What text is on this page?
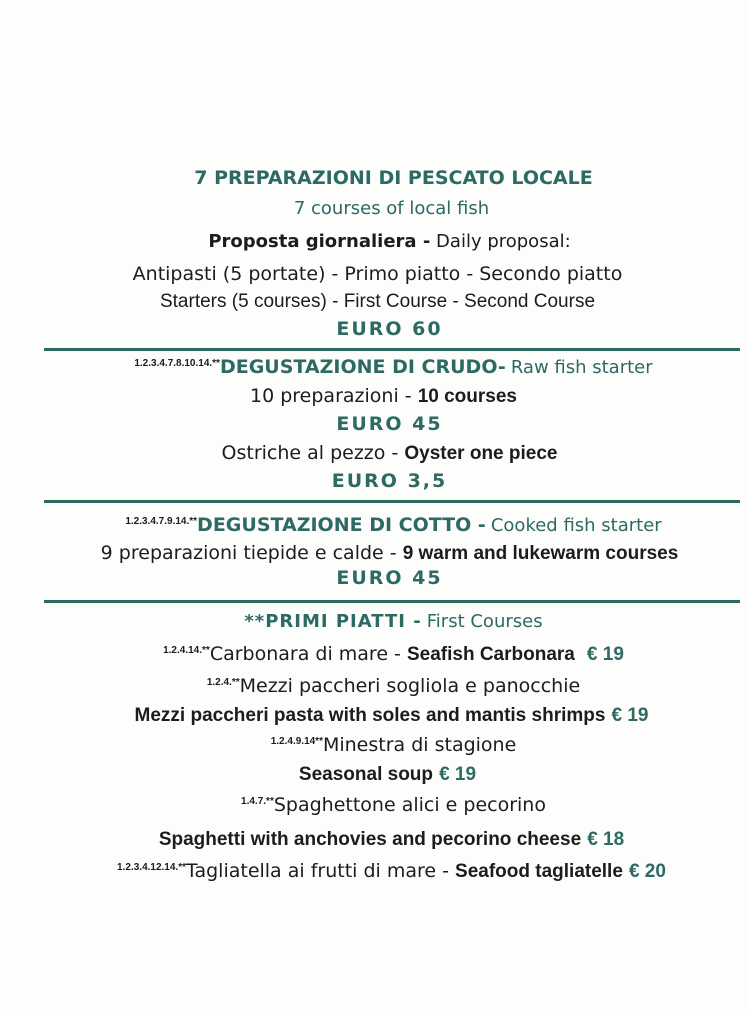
7 PREPARAZIONI DI PESCATO LOCALE
7 courses of local fish
Proposta giornaliera - Daily proposal:
Antipasti (5 portate) - Primo piatto - Secondo piatto
Starters (5 courses) - First Course - Second Course
EURO 60
$^{1.2.3.4.7.8.10.14.**}$DEGUSTAZIONE DI CRUDO- Raw fish starter
10 preparazioni - 10 courses
EURO 45
Ostriche al pezzo - Oyster one piece
EURO 3,5
$^{1.2.3.4.7.9.14.**}$DEGUSTAZIONE DI COTTO - Cooked fish starter
9 preparazioni tiepide e calde - 9 warm and lukewarm courses
EURO 45
**PRIMI PIATTI - First Courses
$^{1.2.4.14.**}$Carbonara di mare - Seafish Carbonara € 19
$^{1.2.4.**}$Mezzi paccheri sogliola e panocchie
Mezzi paccheri pasta with soles and mantis shrimps € 19
$^{1.2.4.9.14**}$Minestra di stagione
Seasonal soup € 19
$^{1.4.7.**}$Spaghettone alici e pecorino
Spaghetti with anchovies and pecorino cheese € 18
$^{1.2.3.4.12.14.**}$Tagliatella ai frutti di mare - Seafood tagliatelle € 20
